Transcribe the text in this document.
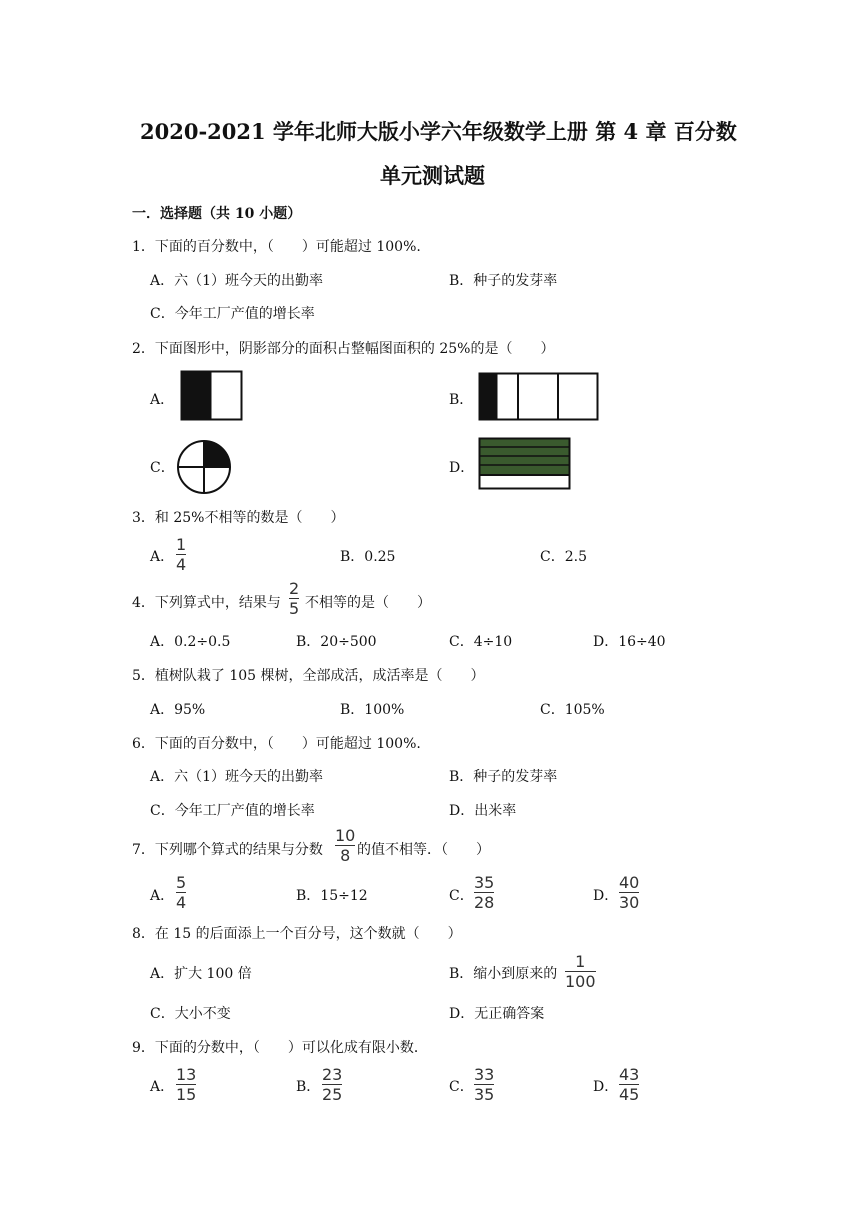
2020-2021 学年北师大版小学六年级数学上册 第 4 章 百分数
单元测试题
一．选择题（共 10 小题）
1．下面的百分数中，（　　）可能超过 100%.
A．六（1）班今天的出勤率	B．种子的发芽率
C．今年工厂产值的增长率
2．下面图形中，阴影部分的面积占整幅图面积的 25%的是（　　）
A．	B．
C．	D．
3．和 25%不相等的数是（　　）
A．
1
4	B．0.25	C．2.5
4．下列算式中，结果与
2
5 不相等的是（　　）
A．0.2÷0.5	B．20÷500	C．4÷10	D．16÷40
5．植树队栽了 105 棵树，全部成活，成活率是（　　）
A．95%	B．100%	C．105%
6．下面的百分数中，（　　）可能超过 100%.
A．六（1）班今天的出勤率	B．种子的发芽率
C．今年工厂产值的增长率	D．出米率
7．下列哪个算式的结果与分数
10
8 的值不相等．（　　）
A．
5
4	B．15÷12	C．
35
28	D．
40
30
8．在 15 的后面添上一个百分号，这个数就（　　）
A．扩大 100 倍	B．缩小到原来的
1
100
C．大小不变	D．无正确答案
9．下面的分数中，（　　）可以化成有限小数．
A．
13
15	B．
23
25	C．
33
35	D．
43
45
